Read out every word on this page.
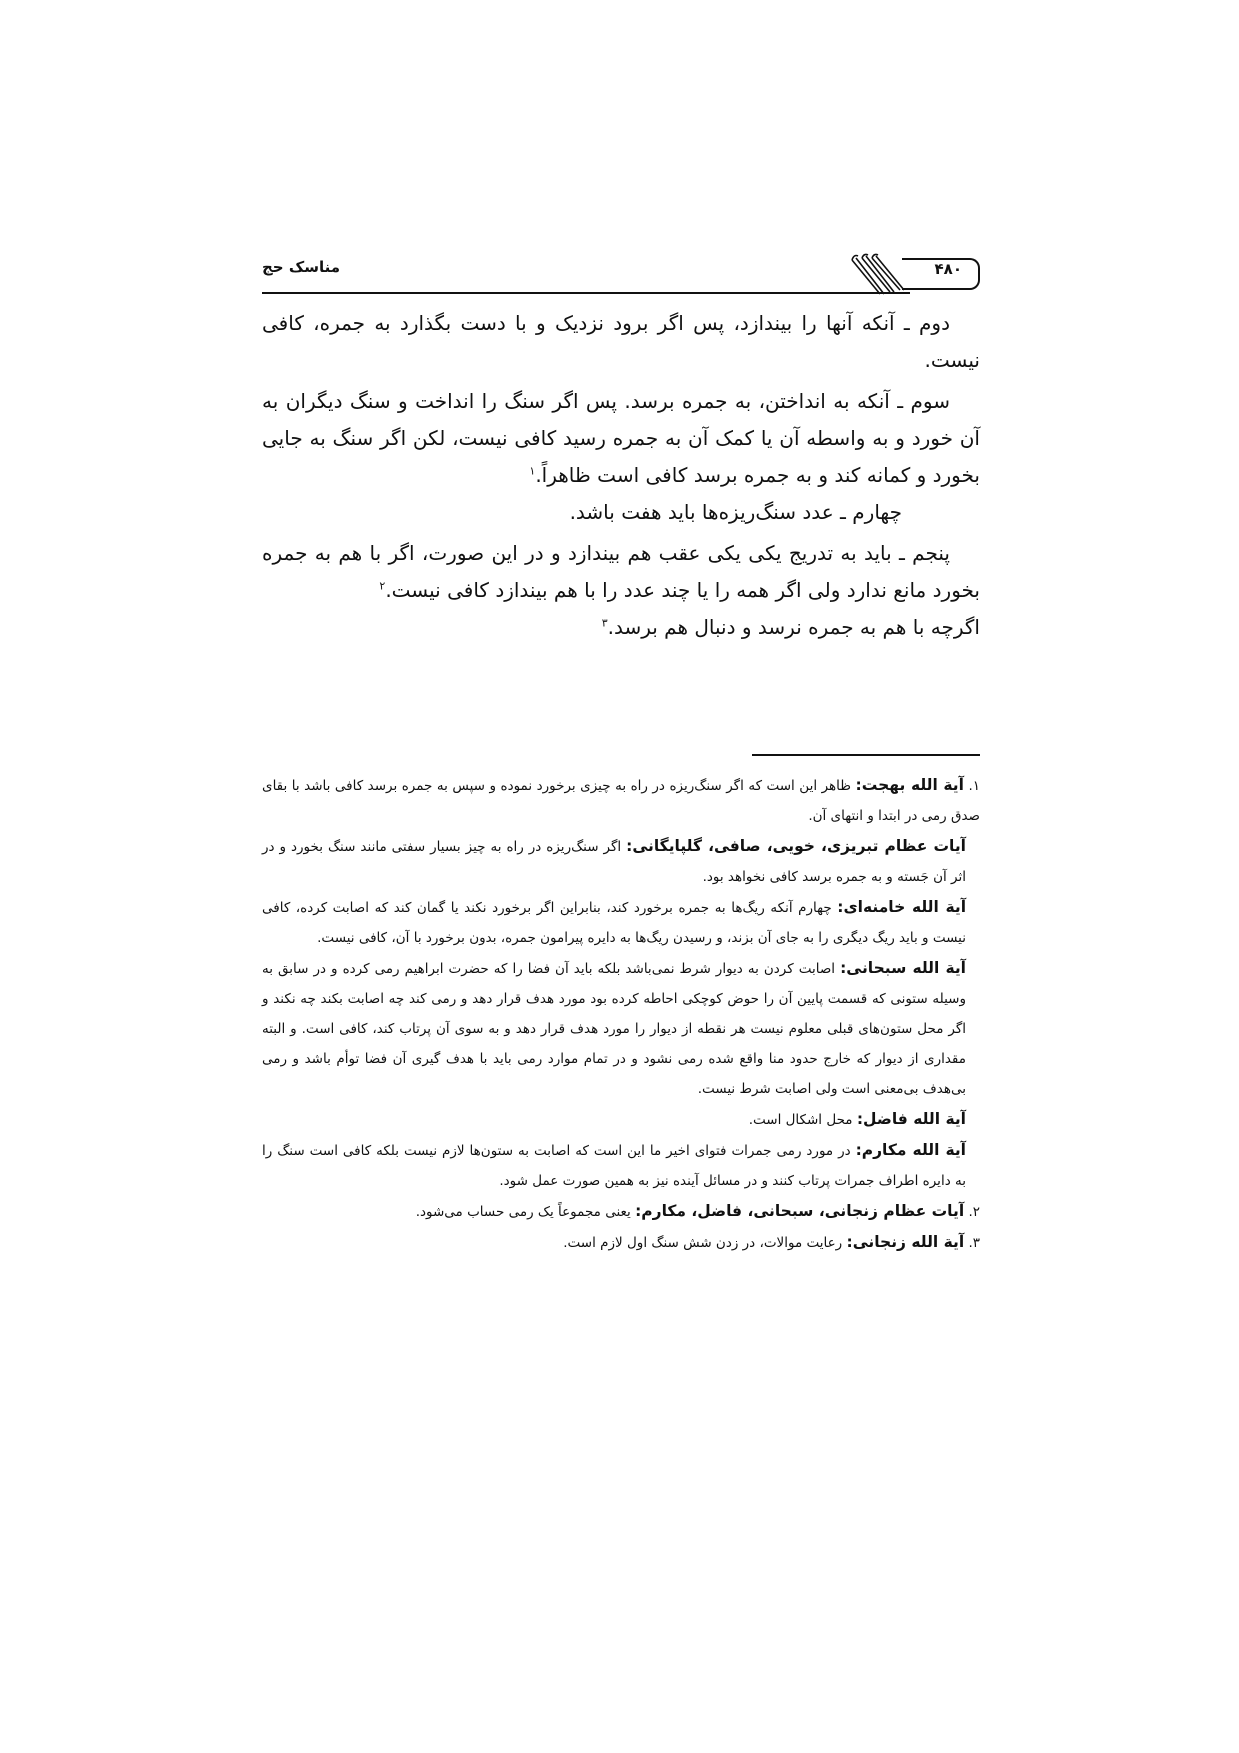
مناسک حج	۴۸۰

دوم ـ آنکه آنها را بیندازد، پس اگر برود نزدیک و با دست بگذارد به جمره، کافی نیست.

سوم ـ آنکه به انداختن، به جمره برسد. پس اگر سنگ را انداخت و سنگ دیگران به آن خورد و به واسطه آن یا کمک آن به جمره رسید کافی نیست، لکن اگر سنگ به جایی بخورد و کمانه کند و به جمره برسد کافی است ظاهراً.$^۱$

چهارم ـ عدد سنگ‌ریزه‌ها باید هفت باشد.

پنجم ـ باید به تدریج یکی یکی عقب هم بیندازد و در این صورت، اگر با هم به جمره بخورد مانع ندارد ولی اگر همه را یا چند عدد را با هم بیندازد کافی نیست.$^۲$
اگرچه با هم به جمره نرسد و دنبال هم برسد.$^۳$

۱. آیة الله بهجت: ظاهر این است که اگر سنگ‌ریزه در راه به چیزی برخورد نموده و سپس به جمره برسد کافی باشد با بقای صدق رمی در ابتدا و انتهای آن.

آیات عظام تبریزی، خویی، صافی، گلپایگانی: اگر سنگ‌ریزه در راه به چیز بسیار سفتی مانند سنگ بخورد و در اثر آن جَسته و به جمره برسد کافی نخواهد بود.

آیة الله خامنه‌ای: چهارم آنکه ریگ‌ها به جمره برخورد کند، بنابراین اگر برخورد نکند یا گمان کند که اصابت کرده، کافی نیست و باید ریگ دیگری را به جای آن بزند، و رسیدن ریگ‌ها به دایره پیرامون جمره، بدون برخورد با آن، کافی نیست.

آیة الله سبحانی: اصابت کردن به دیوار شرط نمی‌باشد بلکه باید آن فضا را که حضرت ابراهیم رمی کرده و در سابق به وسیله ستونی که قسمت پایین آن را حوض کوچکی احاطه کرده بود مورد هدف قرار دهد و رمی کند چه اصابت بکند چه نکند و اگر محل ستون‌های قبلی معلوم نیست هر نقطه از دیوار را مورد هدف قرار دهد و به سوی آن پرتاب کند، کافی است. و البته مقداری از دیوار که خارج حدود منا واقع شده رمی نشود و در تمام موارد رمی باید با هدف گیری آن فضا توأم باشد و رمی بی‌هدف بی‌معنی است ولی اصابت شرط نیست.

آیة الله فاضل: محل اشکال است.

آیة الله مکارم: در مورد رمی جمرات فتوای اخیر ما این است که اصابت به ستون‌ها لازم نیست بلکه کافی است سنگ را به دایره اطراف جمرات پرتاب کنند و در مسائل آینده نیز به همین صورت عمل شود.

۲. آیات عظام زنجانی، سبحانی، فاضل، مکارم: یعنی مجموعاً یک رمی حساب می‌شود.

۳. آیة الله زنجانی: رعایت موالات، در زدن شش سنگ اول لازم است.
